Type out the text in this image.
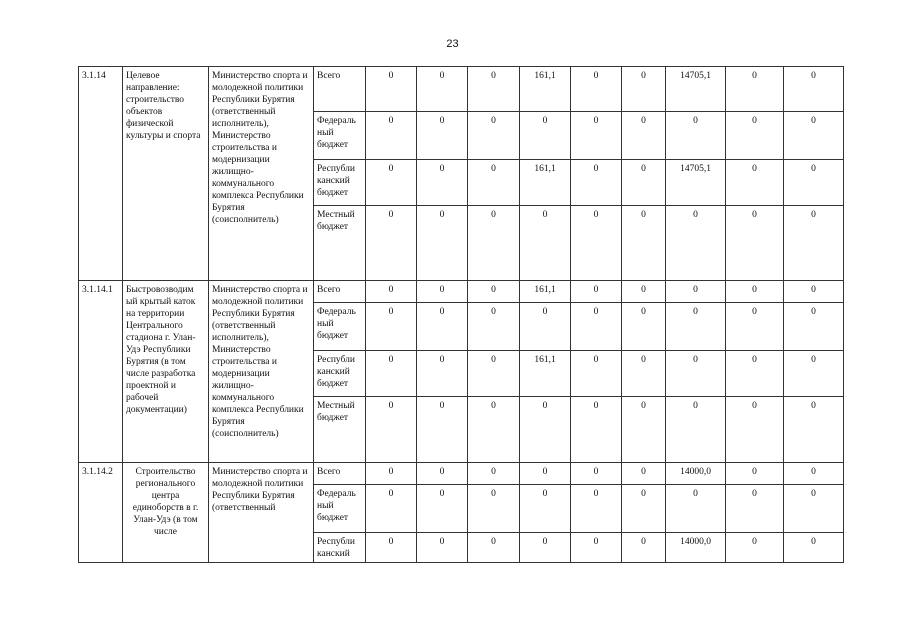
23
3.1.14	Целевое направление: строительство объектов физической культуры и спорта	Министерство спорта и молодежной политики Республики Бурятия (ответственный исполнитель), Министерство строительства и модернизации жилищно-коммунального комплекса Республики Бурятия (соисполнитель)	Всего	0	0	0	161,1	0	0	14705,1	0	0
			Федераль ный бюджет	0	0	0	0	0	0	0	0	0
			Республи канский бюджет	0	0	0	161,1	0	0	14705,1	0	0
			Местный бюджет	0	0	0	0	0	0	0	0	0
3.1.14.1	Быстровозводим ый крытый каток на территории Центрального стадиона г. Улан-Удэ Республики Бурятия (в том числе разработка проектной и рабочей документации)	Министерство спорта и молодежной политики Республики Бурятия (ответственный исполнитель), Министерство строительства и модернизации жилищно-коммунального комплекса Республики Бурятия (соисполнитель)	Всего	0	0	0	161,1	0	0	0	0	0
			Федераль ный бюджет	0	0	0	0	0	0	0	0	0
			Республи канский бюджет	0	0	0	161,1	0	0	0	0	0
			Местный бюджет	0	0	0	0	0	0	0	0	0
3.1.14.2	Строительство регионального центра единоборств в г. Улан-Удэ (в том числе	Министерство спорта и молодежной политики Республики Бурятия (ответственный	Всего	0	0	0	0	0	0	14000,0	0	0
			Федераль ный бюджет	0	0	0	0	0	0	0	0	0
			Республи канский	0	0	0	0	0	0	14000,0	0	0
